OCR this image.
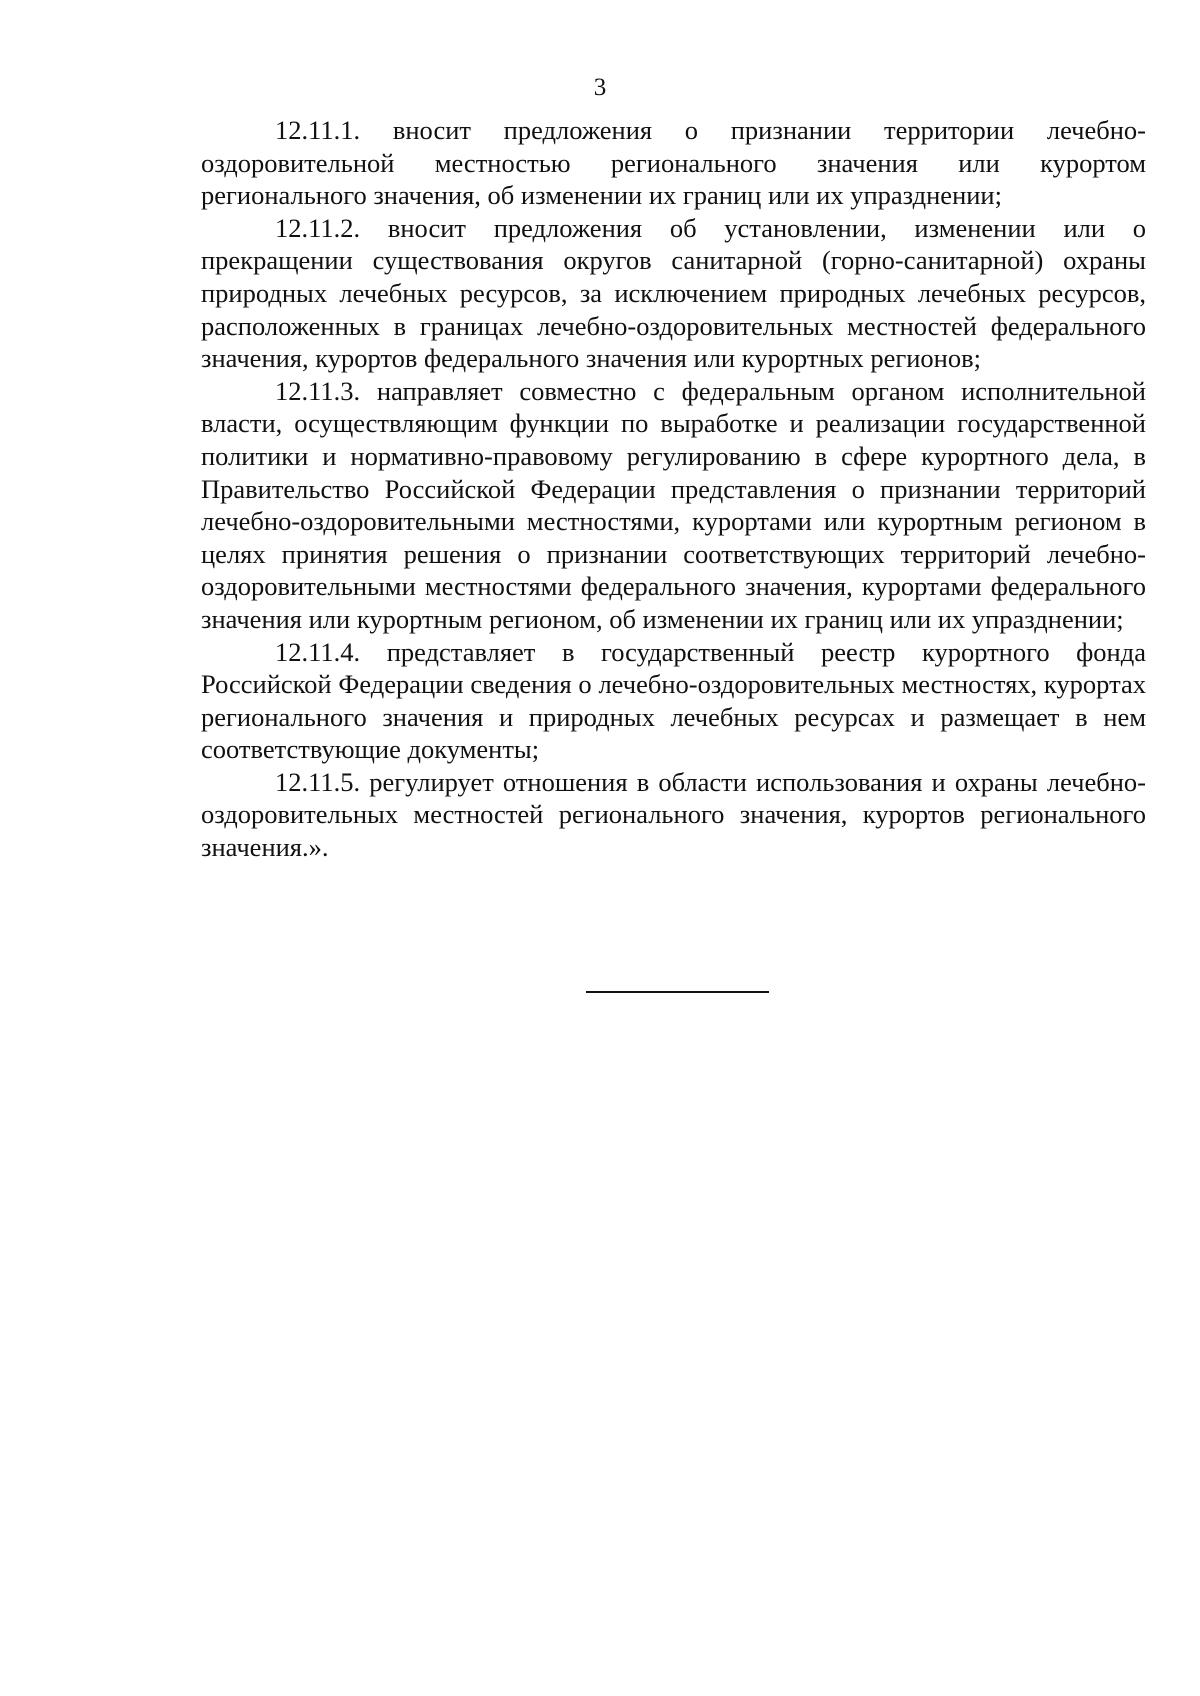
3

12.11.1. вносит предложения о признании территории лечебно-оздоровительной местностью регионального значения или курортом регионального значения, об изменении их границ или их упразднении;

12.11.2. вносит предложения об установлении, изменении или о прекращении существования округов санитарной (горно-санитарной) охраны природных лечебных ресурсов, за исключением природных лечебных ресурсов, расположенных в границах лечебно-оздоровительных местностей федерального значения, курортов федерального значения или курортных регионов;

12.11.3. направляет совместно с федеральным органом исполнительной власти, осуществляющим функции по выработке и реализации государственной политики и нормативно-правовому регулированию в сфере курортного дела, в Правительство Российской Федерации представления о признании территорий лечебно-оздоровительными местностями, курортами или курортным регионом в целях принятия решения о признании соответствующих территорий лечебно-оздоровительными местностями федерального значения, курортами федерального значения или курортным регионом, об изменении их границ или их упразднении;

12.11.4. представляет в государственный реестр курортного фонда Российской Федерации сведения о лечебно-оздоровительных местностях, курортах регионального значения и природных лечебных ресурсах и размещает в нем соответствующие документы;

12.11.5. регулирует отношения в области использования и охраны лечебно-оздоровительных местностей регионального значения, курортов регионального значения.».
